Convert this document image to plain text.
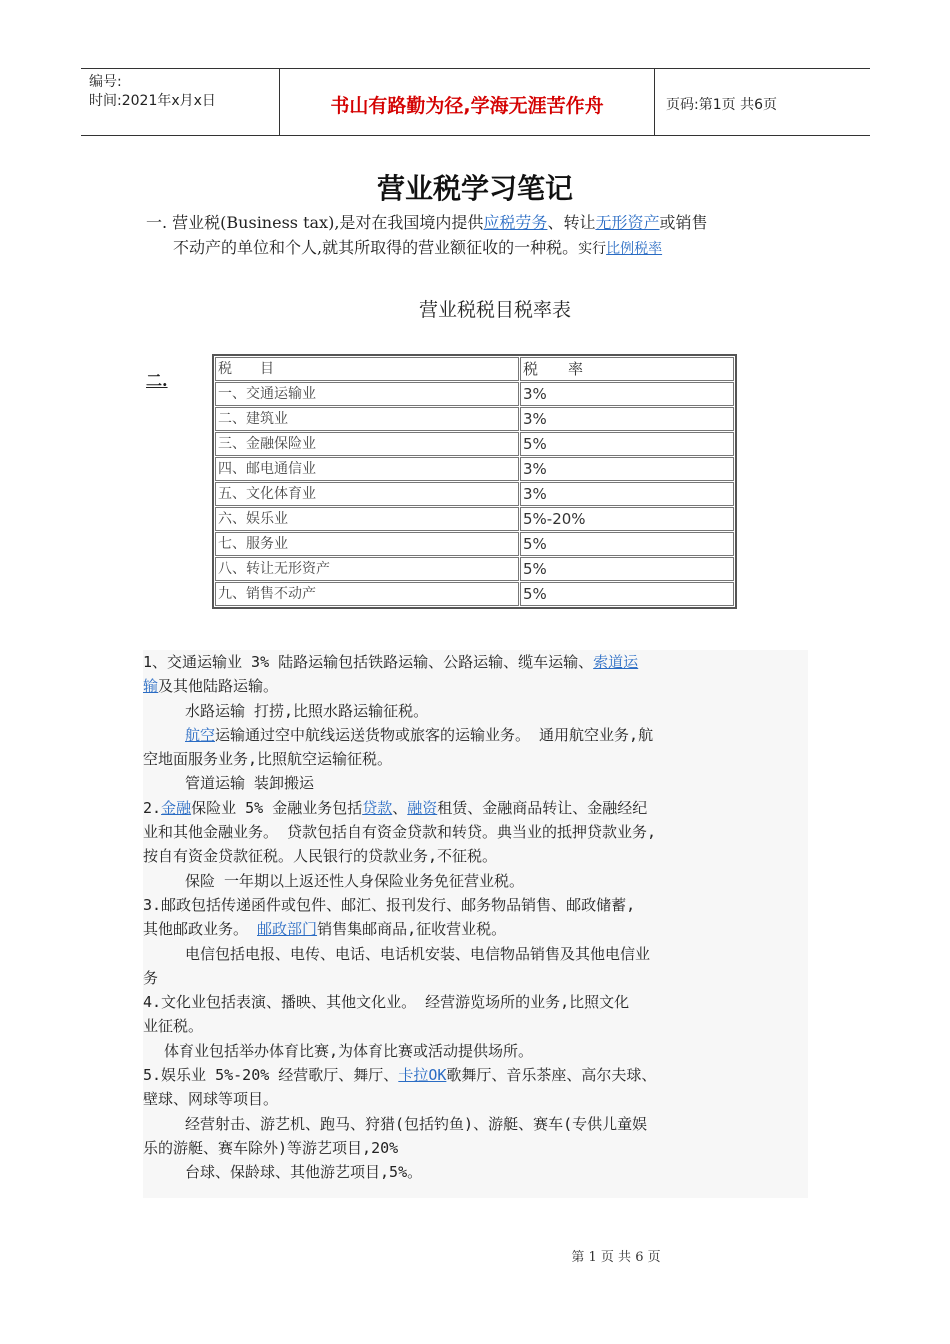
编号:
时间:2021年x月x日	书山有路勤为径,学海无涯苦作舟	页码:第1页 共6页
营业税学习笔记
一. 营业税(Business tax),是对在我国境内提供应税劳务、转让无形资产或销售
不动产的单位和个人,就其所取得的营业额征收的一种税。实行比例税率
营业税税目税率表
二.
税　　目	税　　率
一、交通运输业	3%
二、建筑业	3%
三、金融保险业	5%
四、邮电通信业	3%
五、文化体育业	3%
六、娱乐业	5%-20%
七、服务业	5%
八、转让无形资产	5%
九、销售不动产	5%
1、交通运输业 3% 陆路运输包括铁路运输、公路运输、缆车运输、索道运
输及其他陆路运输。
水路运输 打捞,比照水路运输征税。
航空运输通过空中航线运送货物或旅客的运输业务。 通用航空业务,航
空地面服务业务,比照航空运输征税。
管道运输 装卸搬运
2.金融保险业 5% 金融业务包括贷款、融资租赁、金融商品转让、金融经纪
业和其他金融业务。 贷款包括自有资金贷款和转贷。典当业的抵押贷款业务,
按自有资金贷款征税。人民银行的贷款业务,不征税。
保险 一年期以上返还性人身保险业务免征营业税。
3.邮政包括传递函件或包件、邮汇、报刊发行、邮务物品销售、邮政储蓄,
其他邮政业务。 邮政部门销售集邮商品,征收营业税。
电信包括电报、电传、电话、电话机安装、电信物品销售及其他电信业
务
4.文化业包括表演、播映、其他文化业。 经营游览场所的业务,比照文化
业征税。
体育业包括举办体育比赛,为体育比赛或活动提供场所。
5.娱乐业 5%-20% 经营歌厅、舞厅、卡拉OK歌舞厅、音乐茶座、高尔夫球、
壁球、网球等项目。
经营射击、游艺机、跑马、狩猎(包括钓鱼)、游艇、赛车(专供儿童娱
乐的游艇、赛车除外)等游艺项目,20%
台球、保龄球、其他游艺项目,5%。
第 1 页 共 6 页
